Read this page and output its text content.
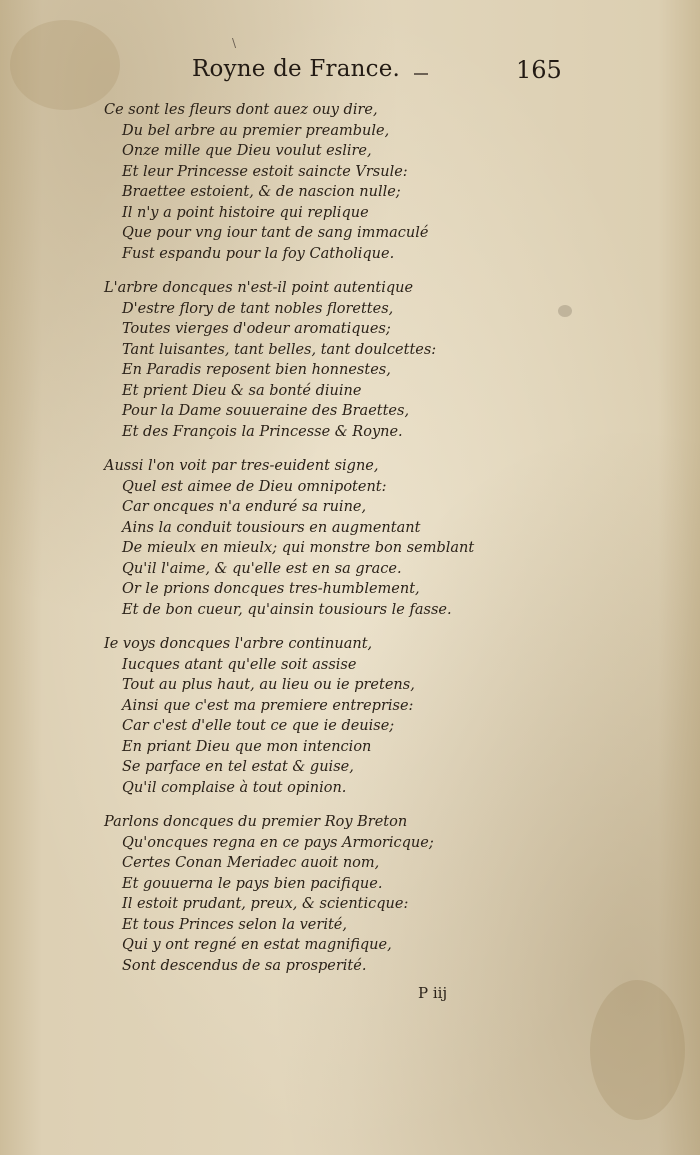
\
Royne de France.	165
Ce sont les fleurs dont auez ouy dire,
Du bel arbre au premier preambule,
Onze mille que Dieu voulut eslire,
Et leur Princesse estoit saincte Vrsule:
Braettee estoient, & de nascion nulle;
Il n'y a point histoire qui replique
Que pour vng iour tant de sang immaculé
Fust espandu pour la foy Catholique.
L'arbre doncques n'est-il point autentique
D'estre flory de tant nobles florettes,
Toutes vierges d'odeur aromatiques;
Tant luisantes, tant belles, tant doulcettes:
En Paradis reposent bien honnestes,
Et prient Dieu & sa bonté diuine
Pour la Dame souueraine des Braettes,
Et des François la Princesse & Royne.
Aussi l'on voit par tres-euident signe,
Quel est aimee de Dieu omnipotent:
Car oncques n'a enduré sa ruine,
Ains la conduit tousiours en augmentant
De mieulx en mieulx; qui monstre bon semblant
Qu'il l'aime, & qu'elle est en sa grace.
Or le prions doncques tres-humblement,
Et de bon cueur, qu'ainsin tousiours le fasse.
Ie voys doncques l'arbre continuant,
Iucques atant qu'elle soit assise
Tout au plus haut, au lieu ou ie pretens,
Ainsi que c'est ma premiere entreprise:
Car c'est d'elle tout ce que ie deuise;
En priant Dieu que mon intencion
Se parface en tel estat & guise,
Qu'il complaise à tout opinion.
Parlons doncques du premier Roy Breton
Qu'oncques regna en ce pays Armoricque;
Certes Conan Meriadec auoit nom,
Et gouuerna le pays bien pacifique.
Il estoit prudant, preux, & scienticque:
Et tous Princes selon la verité,
Qui y ont regné en estat magnifique,
Sont descendus de sa prosperité.
P iij
